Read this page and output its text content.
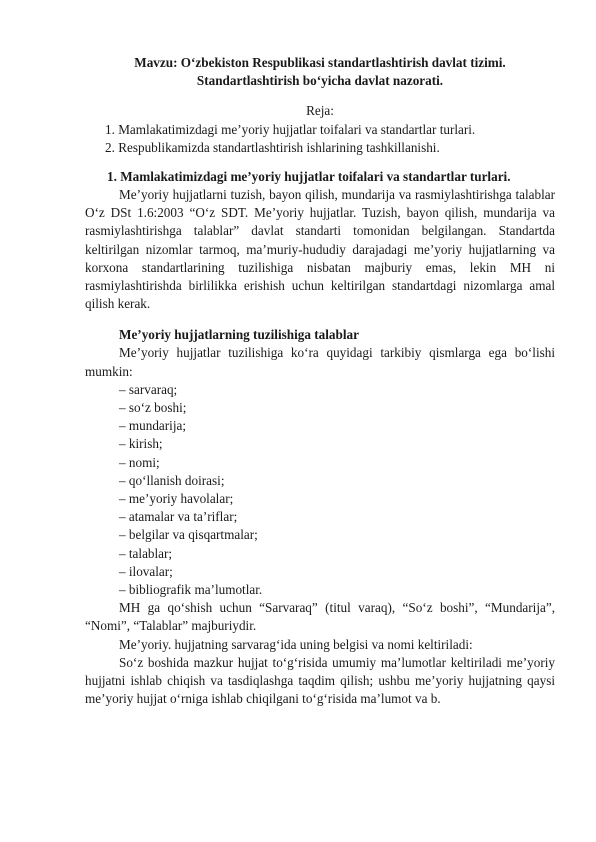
Mavzu: O‘zbekiston Respublikasi standartlashtirish davlat tizimi.
Standartlashtirish bo‘yicha davlat nazorati.
Reja:
1. Mamlakatimizdagi me’yoriy hujjatlar toifalari va standartlar turlari.
2. Respublikamizda standartlashtirish ishlarining tashkillanishi.
1. Mamlakatimizdagi me’yoriy hujjatlar toifalari va standartlar turlari.
Me’yoriy hujjatlarni tuzish, bayon qilish, mundarija va rasmiylashtirishga talablar O‘z DSt 1.6:2003 “O‘z SDT. Me’yoriy hujjatlar. Tuzish, bayon qilish, mundarija va rasmiylashtirishga talablar” davlat standarti tomonidan belgilangan. Standartda keltirilgan nizomlar tarmoq, ma’muriy-hududiy darajadagi me’yoriy hujjatlarning va korxona standartlarining tuzilishiga nisbatan majburiy emas, lekin MH ni rasmiylashtirishda birlilikka erishish uchun keltirilgan standartdagi nizomlarga amal qilish kerak.
Me’yoriy hujjatlarning tuzilishiga talablar
Me’yoriy hujjatlar tuzilishiga ko‘ra quyidagi tarkibiy qismlarga ega bo‘lishi mumkin:
– sarvaraq;
– so‘z boshi;
– mundarija;
– kirish;
– nomi;
– qo‘llanish doirasi;
– me’yoriy havolalar;
– atamalar va ta’riflar;
– belgilar va qisqartmalar;
– talablar;
– ilovalar;
– bibliografik ma’lumotlar.
MH ga qo‘shish uchun “Sarvaraq” (titul varaq), “So‘z boshi”, “Mundarija”, “Nomi”, “Talablar” majburiydir.
Me’yoriy. hujjatning sarvarag‘ida uning belgisi va nomi keltiriladi:
So‘z boshida mazkur hujjat to‘g‘risida umumiy ma’lumotlar keltiriladi me’yoriy hujjatni ishlab chiqish va tasdiqlashga taqdim qilish; ushbu me’yoriy hujjatning qaysi me’yoriy hujjat o‘rniga ishlab chiqilgani to‘g‘risida ma’lumot va b.
